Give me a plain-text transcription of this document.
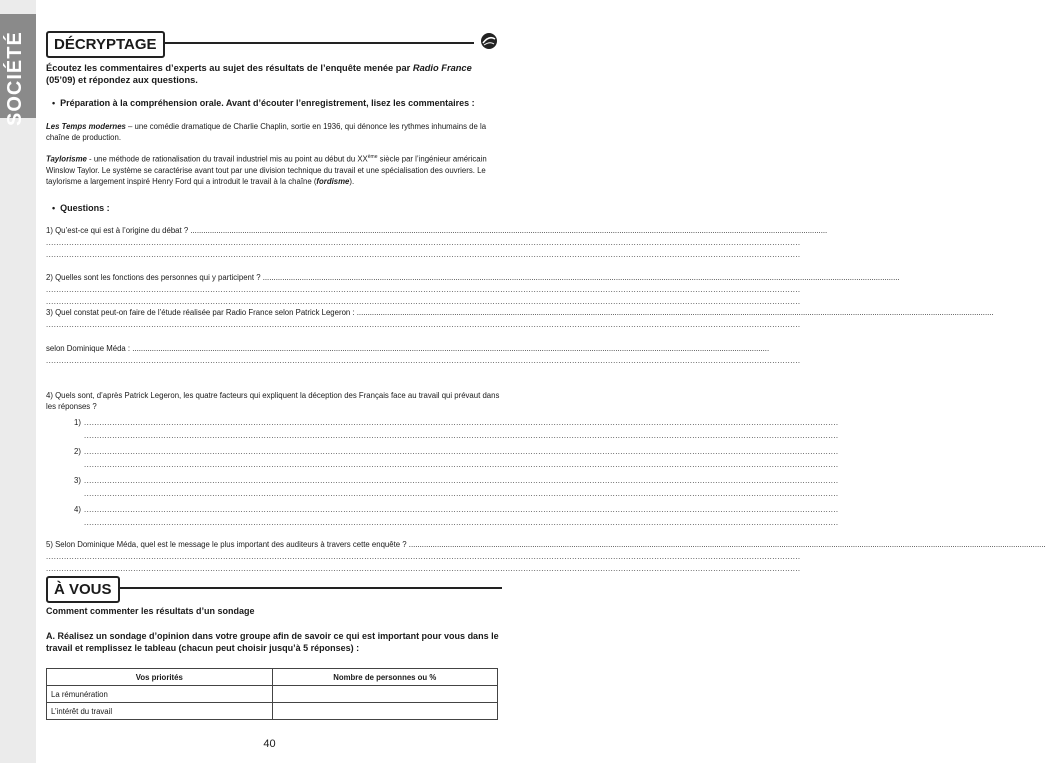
SOCIÉTÉ	DÉCRYPTAGE
Écoutez les commentaires d’experts au sujet des résultats de l’enquête menée par Radio France (05’09) et répondez aux questions.
•  Préparation à la compréhension orale. Avant d’écouter l’enregistrement, lisez les commentaires :
Les Temps modernes – une comédie dramatique de Charlie Chaplin, sortie en 1936, qui dénonce les rythmes inhumains de la chaîne de production.
Taylorisme - une méthode de rationalisation du travail industriel mis au point au début du XXème siècle par l’ingénieur américain Winslow Taylor. Le système se caractérise avant tout par une division technique du travail et une spécialisation des ouvriers. Le taylorisme a largement inspiré Henry Ford qui a introduit le travail à la chaîne (fordisme).
•  Questions :
1) Qu’est-ce qui est à l’origine du débat ? ......................................................................................................................................................................................................................................................................................................
......................................................................................................................................................................................................................................................................................................
......................................................................................................................................................................................................................................................................................................
2) Quelles sont les fonctions des personnes qui y participent ? ......................................................................................................................................................................................................................................................................................................
......................................................................................................................................................................................................................................................................................................
......................................................................................................................................................................................................................................................................................................
3) Quel constat peut-on faire de l’étude réalisée par Radio France selon Patrick Legeron : ......................................................................................................................................................................................................................................................................................................
......................................................................................................................................................................................................................................................................................................
selon Dominique Méda : ......................................................................................................................................................................................................................................................................................................
......................................................................................................................................................................................................................................................................................................
4) Quels sont, d’après Patrick Legeron, les quatre facteurs qui expliquent la déception des Français face au travail qui prévaut dans les réponses ?
1) ......................................................................................................................................................................................................................................................................................................
......................................................................................................................................................................................................................................................................................................
2) ......................................................................................................................................................................................................................................................................................................
......................................................................................................................................................................................................................................................................................................
3) ......................................................................................................................................................................................................................................................................................................
......................................................................................................................................................................................................................................................................................................
4) ......................................................................................................................................................................................................................................................................................................
......................................................................................................................................................................................................................................................................................................
5) Selon Dominique Méda, quel est le message le plus important des auditeurs à travers cette enquête ? ......................................................................................................................................................................................................................................................................................................
......................................................................................................................................................................................................................................................................................................
......................................................................................................................................................................................................................................................................................................
À VOUS
Comment commenter les résultats d’un sondage
A. Réalisez un sondage d’opinion dans votre groupe afin de savoir ce qui est important pour vous dans le travail et remplissez le tableau (chacun peut choisir jusqu’à 5 réponses) :
Vos priorités	Nombre de personnes ou %
La rémunération	
L’intérêt du travail	
40
